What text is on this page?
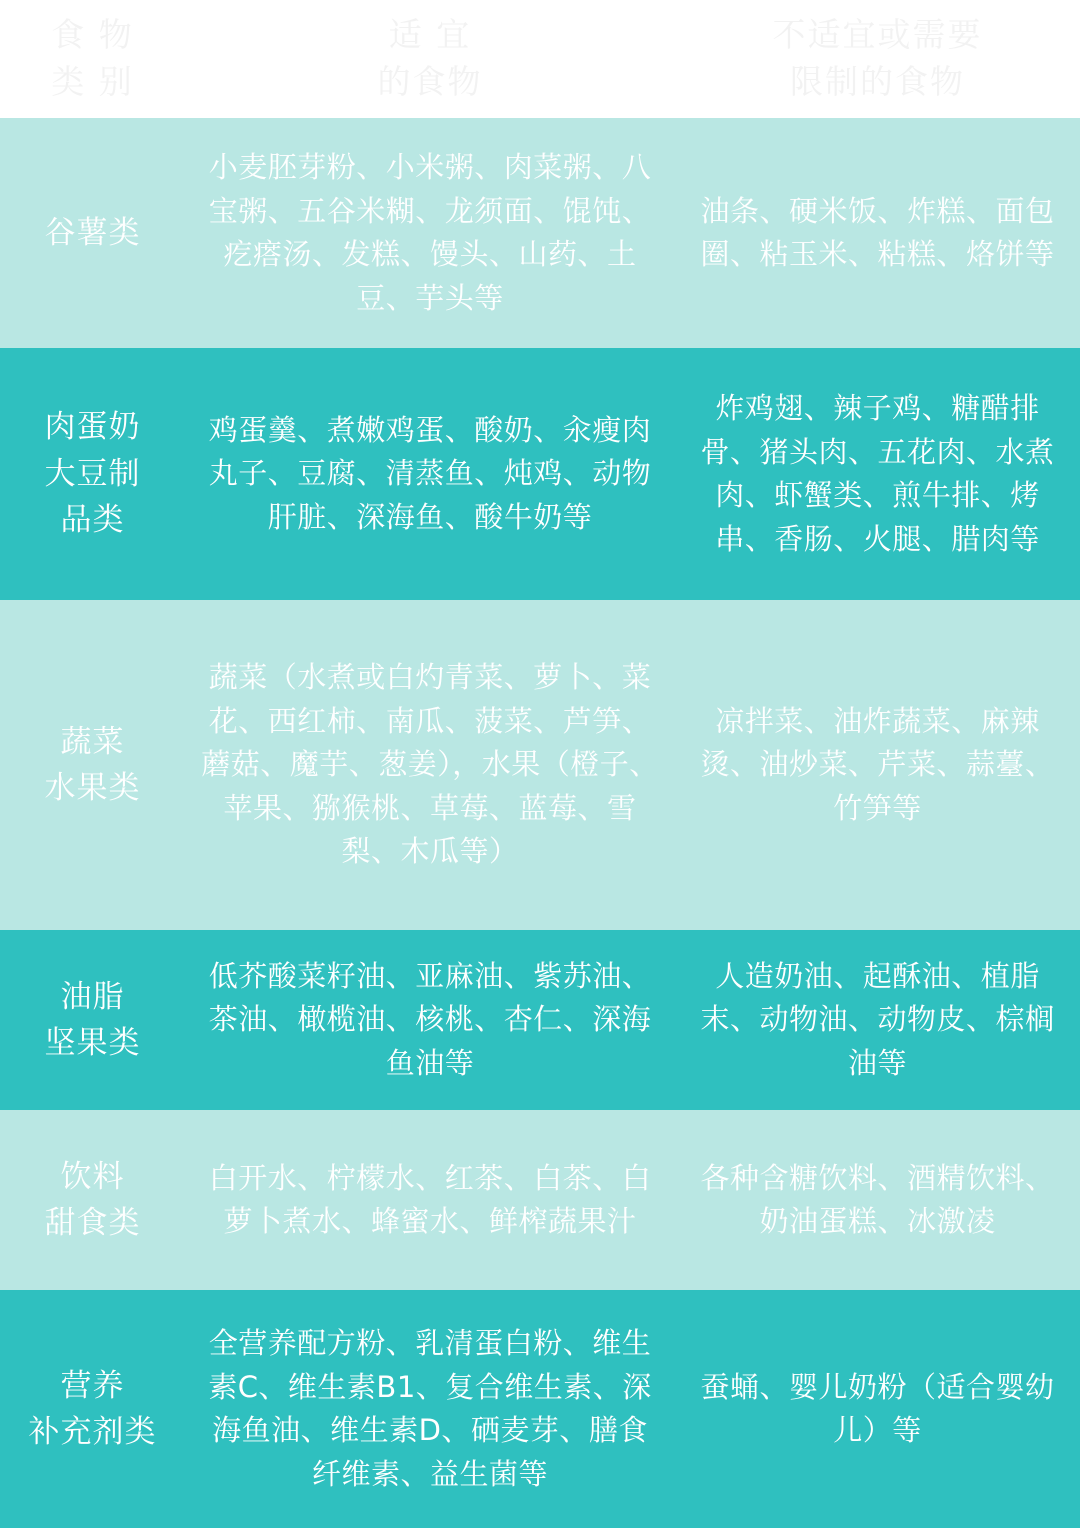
食 物
类 别
适 宜
的食物
不适宜或需要
限制的食物
谷薯类
小麦胚芽粉、小米粥、肉菜粥、八宝粥、五谷米糊、龙须面、馄饨、疙瘩汤、发糕、馒头、山药、土豆、芋头等
油条、硬米饭、炸糕、面包圈、粘玉米、粘糕、烙饼等
肉蛋奶
大豆制
品类
鸡蛋羹、煮嫩鸡蛋、酸奶、汆瘦肉丸子、豆腐、清蒸鱼、炖鸡、动物肝脏、深海鱼、酸牛奶等
炸鸡翅、辣子鸡、糖醋排骨、猪头肉、五花肉、水煮肉、虾蟹类、煎牛排、烤串、香肠、火腿、腊肉等
蔬菜
水果类
蔬菜（水煮或白灼青菜、萝卜、菜花、西红柿、南瓜、菠菜、芦笋、蘑菇、魔芋、葱姜），水果（橙子、苹果、猕猴桃、草莓、蓝莓、雪梨、木瓜等）
凉拌菜、油炸蔬菜、麻辣烫、油炒菜、芹菜、蒜薹、竹笋等
油脂
坚果类
低芥酸菜籽油、亚麻油、紫苏油、茶油、橄榄油、核桃、杏仁、深海鱼油等
人造奶油、起酥油、植脂末、动物油、动物皮、棕榈油等
饮料
甜食类
白开水、柠檬水、红茶、白茶、白萝卜煮水、蜂蜜水、鲜榨蔬果汁
各种含糖饮料、酒精饮料、奶油蛋糕、冰激凌
营养
补充剂类
全营养配方粉、乳清蛋白粉、维生素C、维生素B1、复合维生素、深海鱼油、维生素D、硒麦芽、膳食纤维素、益生菌等
蚕蛹、婴儿奶粉（适合婴幼儿）等
